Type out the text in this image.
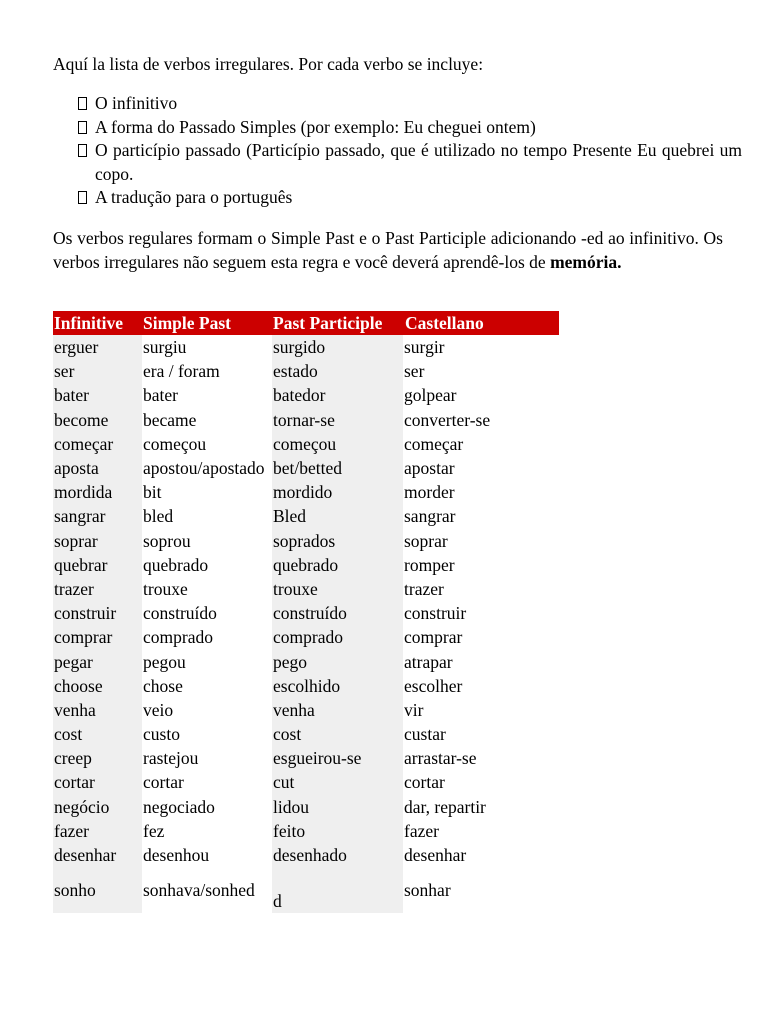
Aquí la lista de verbos irregulares. Por cada verbo se incluye:

O infinitivo
A forma do Passado Simples (por exemplo: Eu cheguei ontem)
O particípio passado (Particípio passado, que é utilizado no tempo Presente Eu quebrei um copo.
A tradução para o português

Os verbos regulares formam o Simple Past e o Past Participle adicionando -ed ao infinitivo. Os verbos irregulares não seguem esta regra e você deverá aprendê-los de memória.

Infinitive	Simple Past	Past Participle	Castellano
erguer	surgiu	surgido	surgir
ser	era / foram	estado	ser
bater	bater	batedor	golpear
become	became	tornar-se	converter-se
começar	começou	começou	começar
aposta	apostou/apostado	bet/betted	apostar
mordida	bit	mordido	morder
sangrar	bled	Bled	sangrar
soprar	soprou	soprados	soprar
quebrar	quebrado	quebrado	romper
trazer	trouxe	trouxe	trazer
construir	construído	construído	construir
comprar	comprado	comprado	comprar
pegar	pegou	pego	atrapar
choose	chose	escolhido	escolher
venha	veio	venha	vir
cost	custo	cost	custar
creep	rastejou	esgueirou-se	arrastar-se
cortar	cortar	cut	cortar
negócio	negociado	lidou	dar, repartir
fazer	fez	feito	fazer
desenhar	desenhou	desenhado	desenhar
sonho	sonhava/sonhed	d	sonhar
